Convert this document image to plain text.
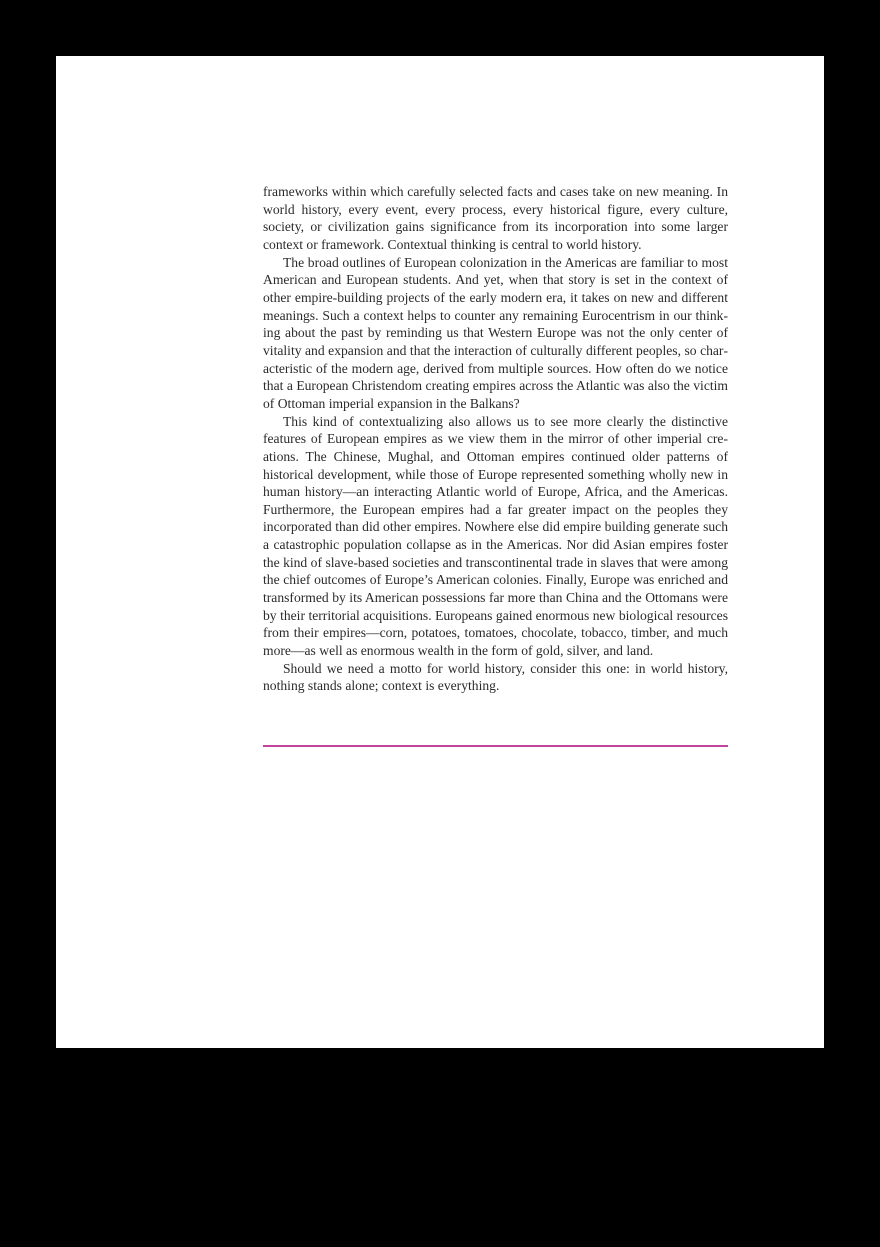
frameworks within which carefully selected facts and cases take on new meaning. In world history, every event, every process, every historical figure, every culture, society, or civilization gains significance from its incorporation into some larger context or framework. Contextual thinking is central to world history.

The broad outlines of European colonization in the Americas are familiar to most American and European students. And yet, when that story is set in the context of other empire-building projects of the early modern era, it takes on new and different meanings. Such a context helps to counter any remaining Eurocentrism in our thinking about the past by reminding us that Western Europe was not the only center of vitality and expansion and that the interaction of culturally different peoples, so characteristic of the modern age, derived from multiple sources. How often do we notice that a European Christendom creating empires across the Atlantic was also the victim of Ottoman imperial expansion in the Balkans?

This kind of contextualizing also allows us to see more clearly the distinctive features of European empires as we view them in the mirror of other imperial creations. The Chinese, Mughal, and Ottoman empires continued older patterns of historical development, while those of Europe represented something wholly new in human history—an interacting Atlantic world of Europe, Africa, and the Americas. Furthermore, the European empires had a far greater impact on the peoples they incorporated than did other empires. Nowhere else did empire building generate such a catastrophic population collapse as in the Americas. Nor did Asian empires foster the kind of slave-based societies and transcontinental trade in slaves that were among the chief outcomes of Europe’s American colonies. Finally, Europe was enriched and transformed by its American possessions far more than China and the Ottomans were by their territorial acquisitions. Europeans gained enormous new biological resources from their empires—corn, potatoes, tomatoes, chocolate, tobacco, timber, and much more—as well as enormous wealth in the form of gold, silver, and land.

Should we need a motto for world history, consider this one: in world history, nothing stands alone; context is everything.
